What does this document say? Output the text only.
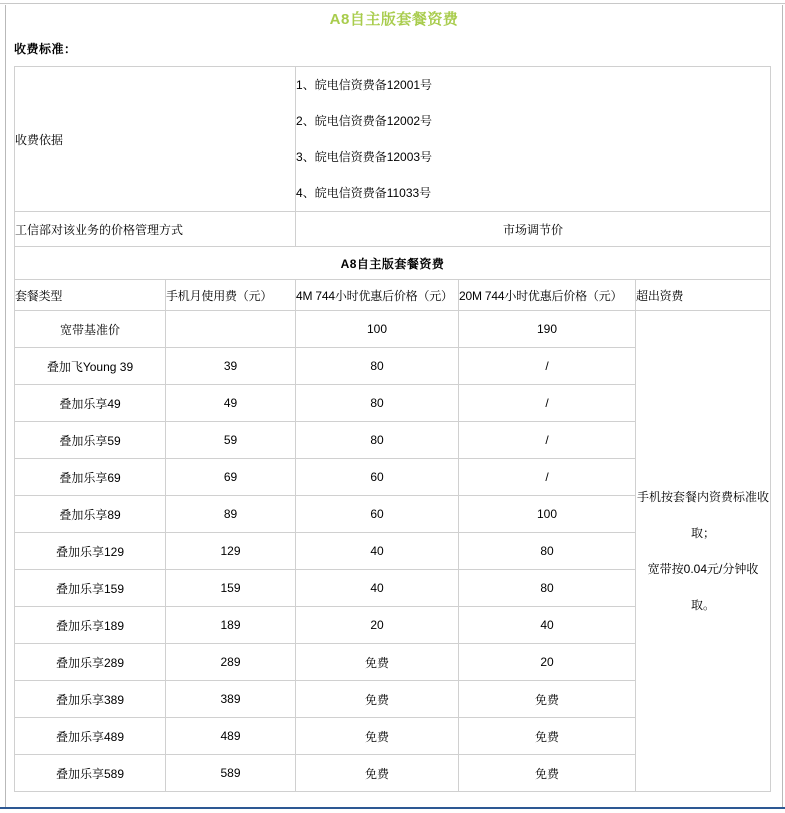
A8自主版套餐资费
收费标准：
收费依据		1、皖电信资费备12001号
2、皖电信资费备12002号
3、皖电信资费备12003号
4、皖电信资费备11033号		

工信部对该业务的价格管理方式		市场调节价		
A8自主版套餐资费				
套餐类型	手机月使用费（元）	4M 744小时优惠后价格（元）	20M 744小时优惠后价格（元）	超出资费
宽带基准价		100	190	手机按套餐内资费标准收
取；
宽带按0.04元/分钟收
取。

叠加飞Young 39	39	80	/	
叠加乐享49	49	80	/	
叠加乐享59	59	80	/	
叠加乐享69	69	60	/	
叠加乐享89	89	60	100	
叠加乐享129	129	40	80	
叠加乐享159	159	40	80	
叠加乐享189	189	20	40	
叠加乐享289	289	免费	20	
叠加乐享389	389	免费	免费	
叠加乐享489	489	免费	免费	
叠加乐享589	589	免费	免费	
